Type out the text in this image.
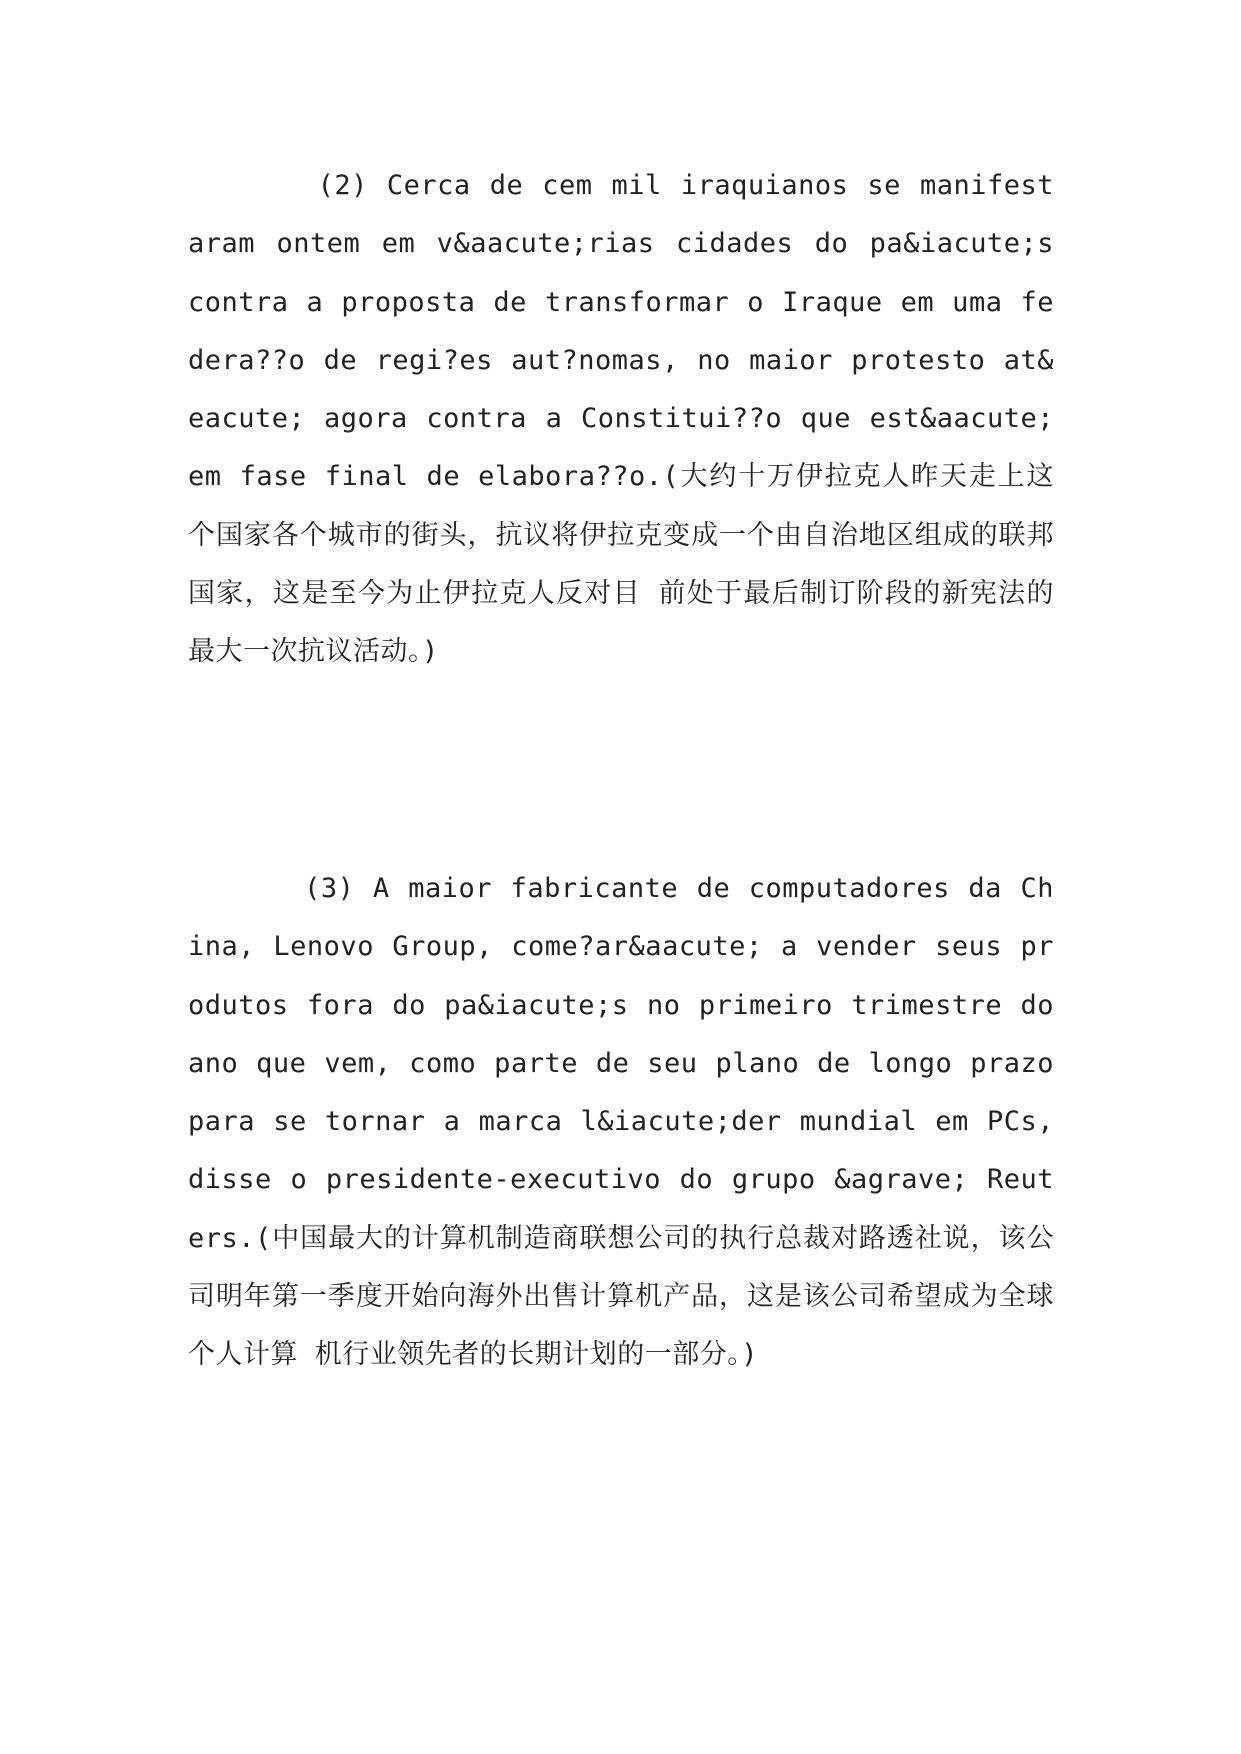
(2) Cerca de cem mil iraquianos se manifestaram ontem em v&aacute;rias cidades do pa&iacute;s contra a proposta de transformar o Iraque em uma federa??o de regi?es aut?nomas, no maior protesto at&eacute; agora contra a Constitui??o que est&aacute; em fase final de elabora??o.(大约十万伊拉克人昨天走上这个国家各个城市的街头，抗议将伊拉克变成一个由自治地区组成的联邦国家，这是至今为止伊拉克人反对目 前处于最后制订阶段的新宪法的最大一次抗议活动。)

(3) A maior fabricante de computadores da China, Lenovo Group, come?ar&aacute; a vender seus produtos fora do pa&iacute;s no primeiro trimestre do ano que vem, como parte de seu plano de longo prazo para se tornar a marca l&iacute;der mundial em PCs, disse o presidente-executivo do grupo &agrave; Reuters.(中国最大的计算机制造商联想公司的执行总裁对路透社说，该公司明年第一季度开始向海外出售计算机产品，这是该公司希望成为全球个人计算 机行业领先者的长期计划的一部分。)
